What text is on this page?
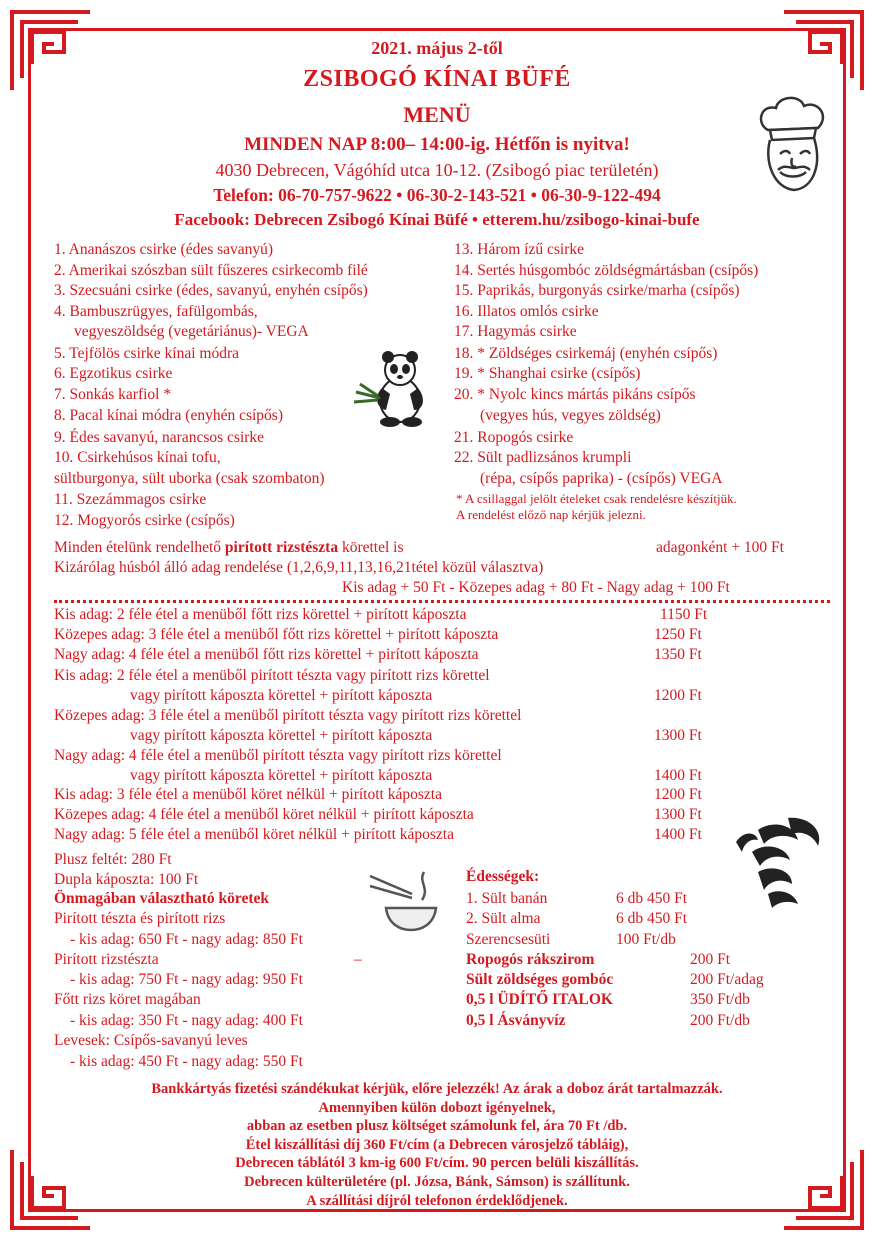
2021. május 2-től
ZSIBOGÓ KÍNAI BÜFÉ
MENÜ
MINDEN NAP 8:00– 14:00-ig. Hétfőn is nyitva!
4030 Debrecen, Vágóhíd utca 10-12. (Zsibogó piac területén)
Telefon: 06-70-757-9622 • 06-30-2-143-521 • 06-30-9-122-494
Facebook: Debrecen Zsibogó Kínai Büfé • etterem.hu/zsibogo-kinai-bufe
1. Ananászos csirke (édes savanyú)
2. Amerikai szószban sült fűszeres csirkecomb filé
3. Szecsuáni csirke (édes, savanyú, enyhén csípős)
4. Bambuszrügyes, fafülgombás,
vegyeszöldség (vegetáriánus)- VEGA
5. Tejfölös csirke kínai módra
6. Egzotikus csirke
7. Sonkás karfiol *
8. Pacal kínai módra (enyhén csípős)
9. Édes savanyú, narancsos csirke
10. Csirkehúsos kínai tofu,
sültburgonya, sült uborka (csak szombaton)
11. Szezámmagos csirke
12. Mogyorós csirke (csípős)
13. Három ízű csirke
14. Sertés húsgombóc zöldségmártásban (csípős)
15. Paprikás, burgonyás csirke/marha (csípős)
16. Illatos omlós csirke
17. Hagymás csirke
18. * Zöldséges csirkemáj (enyhén csípős)
19. * Shanghai csirke (csípős)
20. * Nyolc kincs mártás pikáns csípős
(vegyes hús, vegyes zöldség)
21. Ropogós csirke
22. Sült padlizsános krumpli
(répa, csípős paprika) - (csípős) VEGA
* A csillaggal jelölt ételeket csak rendelésre készítjük.
A rendelést előző nap kérjük jelezni.
Minden ételünk rendelhető pirított rizstészta körettel is	adagonként + 100 Ft
Kizárólag húsból álló adag rendelése (1,2,6,9,11,13,16,21tétel közül választva)
Kis adag + 50 Ft - Közepes adag + 80 Ft - Nagy adag + 100 Ft
Kis adag: 2 féle étel a menüből főtt rizs körettel + pirított káposzta	1150 Ft
Közepes adag: 3 féle étel a menüből főtt rizs körettel + pirított káposzta	1250 Ft
Nagy adag: 4 féle étel a menüből főtt rizs körettel + pirított káposzta	1350 Ft
Kis adag: 2 féle étel a menüből pirított tészta vagy pirított rizs körettel
vagy pirított káposzta körettel + pirított káposzta	1200 Ft
Közepes adag: 3 féle étel a menüből pirított tészta vagy pirított rizs körettel
vagy pirított káposzta körettel + pirított káposzta	1300 Ft
Nagy adag: 4 féle étel a menüből pirított tészta vagy pirított rizs körettel
vagy pirított káposzta körettel + pirított káposzta	1400 Ft
Kis adag: 3 féle étel a menüből köret nélkül + pirított káposzta	1200 Ft
Közepes adag: 4 féle étel a menüből köret nélkül + pirított káposzta	1300 Ft
Nagy adag: 5 féle étel a menüből köret nélkül + pirított káposzta	1400 Ft
Plusz feltét: 280 Ft
Dupla káposzta: 100 Ft
Önmagában választható köretek
Pirított tészta és pirított rizs
- kis adag: 650 Ft - nagy adag: 850 Ft
Pirított rizstészta	–
- kis adag: 750 Ft - nagy adag: 950 Ft
Főtt rizs köret magában
- kis adag: 350 Ft - nagy adag: 400 Ft
Levesek: Csípős-savanyú leves
- kis adag: 450 Ft - nagy adag: 550 Ft
Édességek:
1. Sült banán	6 db 450 Ft
2. Sült alma	6 db 450 Ft
Szerencsesüti	100 Ft/db
Ropogós rákszirom	200 Ft
Sült zöldséges gombóc	200 Ft/adag
0,5 l ÜDÍTŐ ITALOK	350 Ft/db
0,5 l Ásványvíz	200 Ft/db
Bankkártyás fizetési szándékukat kérjük, előre jelezzék! Az árak a doboz árát tartalmazzák.
Amennyiben külön dobozt igényelnek,
abban az esetben plusz költséget számolunk fel, ára 70 Ft /db.
Étel kiszállítási díj 360 Ft/cím (a Debrecen városjelző tábláig),
Debrecen táblától 3 km-ig 600 Ft/cím. 90 percen belüli kiszállítás.
Debrecen külterületére (pl. Józsa, Bánk, Sámson) is szállítunk.
A szállítási díjról telefonon érdeklődjenek.
